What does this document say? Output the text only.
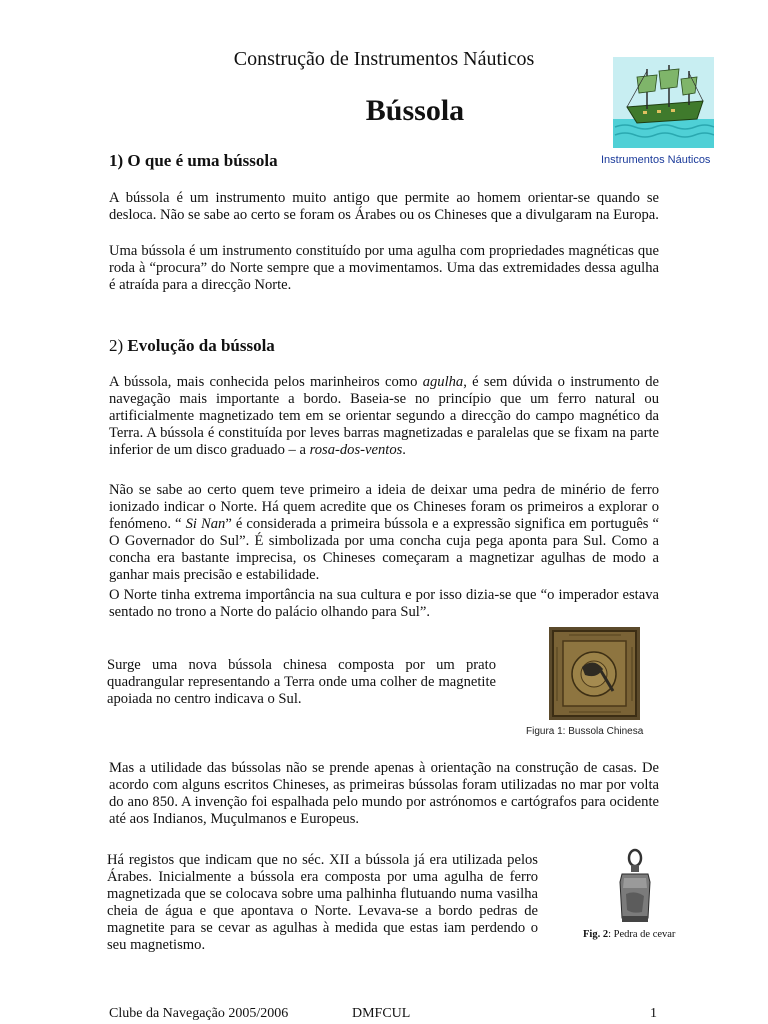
Construção de Instrumentos Náuticos
Bússola
Instrumentos Náuticos
1) O que é uma bússola
A bússola é um instrumento muito antigo que permite ao homem orientar-se quando se desloca. Não se sabe ao certo se foram os Árabes ou os Chineses que a divulgaram na Europa.
Uma bússola é um instrumento constituído por uma agulha com propriedades magnéticas que roda à “procura” do Norte sempre que a movimentamos. Uma das extremidades dessa agulha é atraída para a direcção Norte.
2) Evolução da bússola
A bússola, mais conhecida pelos marinheiros como agulha, é sem dúvida o instrumento de navegação mais importante a bordo. Baseia-se no princípio que um ferro natural ou artificialmente magnetizado tem em se orientar segundo a direcção do campo magnético da Terra. A bússola é constituída por leves barras magnetizadas e paralelas que se fixam na parte inferior de um disco graduado – a rosa-dos-ventos.
Não se sabe ao certo quem teve primeiro a ideia de deixar uma pedra de minério de ferro ionizado indicar o Norte. Há quem acredite que os Chineses foram os primeiros a explorar o fenómeno. “ Si Nan” é considerada a primeira bússola e a expressão significa em português “ O Governador do Sul”. É simbolizada por uma concha cuja pega aponta para Sul. Como a concha era bastante imprecisa, os Chineses começaram a magnetizar agulhas de modo a ganhar mais precisão e estabilidade.
O Norte tinha extrema importância na sua cultura e por isso dizia-se que “o imperador estava sentado no trono a Norte do palácio olhando para Sul”.
Surge uma nova bússola chinesa composta por um prato quadrangular representando a Terra onde uma colher de magnetite apoiada no centro indicava o Sul.
Figura 1: Bussola Chinesa
Mas a utilidade das bússolas não se prende apenas à orientação na construção de casas. De acordo com alguns escritos Chineses, as primeiras bússolas foram utilizadas no mar por volta do ano 850. A invenção foi espalhada pelo mundo por astrónomos e cartógrafos para ocidente até aos Indianos, Muçulmanos e Europeus.
Há registos que indicam que no séc. XII a bússola já era utilizada pelos Árabes. Inicialmente a bússola era composta por uma agulha de ferro magnetizada que se colocava sobre uma palhinha flutuando numa vasilha cheia de água e que apontava o Norte. Levava-se a bordo pedras de magnetite para se cevar as agulhas à medida que estas iam perdendo o seu magnetismo.
Fig. 2: Pedra de cevar
Clube da Navegação 2005/2006	DMFCUL	1
